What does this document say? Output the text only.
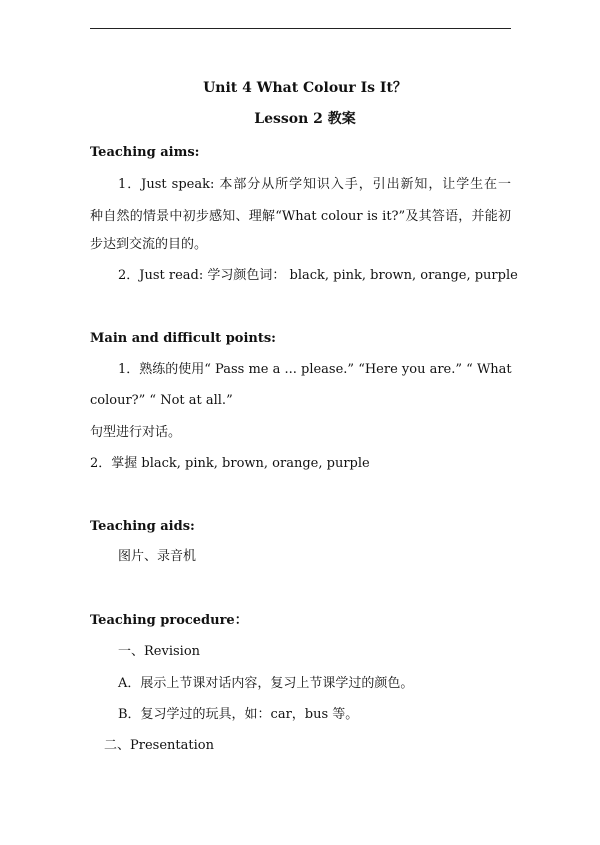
Unit 4 What Colour Is It？
Lesson 2 教案
Teaching aims:
1．Just speak: 本部分从所学知识入手，引出新知，让学生在一
种自然的情景中初步感知、理解“What colour is it?”及其答语，并能初
步达到交流的目的。
2．Just read: 学习颜色词： black, pink, brown, orange, purple
Main and difficult points:
1．熟练的使用“ Pass me a ... please.” “Here you are.” “ What
colour?” “ Not at all.”
句型进行对话。
2．掌握 black, pink, brown, orange, purple
Teaching aids:
图片、录音机
Teaching procedure：
一、Revision
A．展示上节课对话内容，复习上节课学过的颜色。
B．复习学过的玩具，如：car，bus 等。
二、Presentation
